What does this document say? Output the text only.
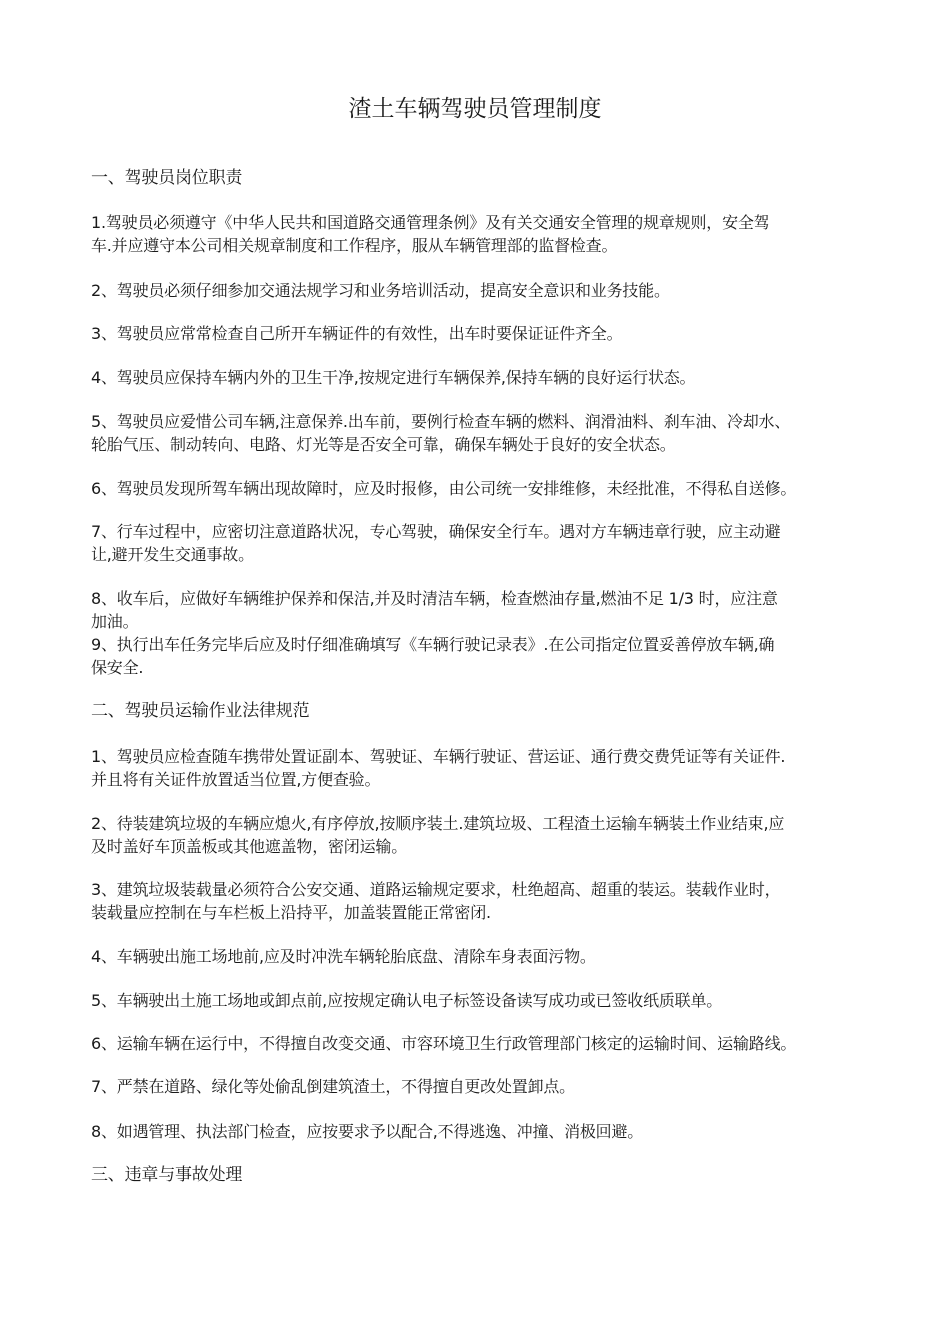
渣土车辆驾驶员管理制度
一、驾驶员岗位职责
1.驾驶员必须遵守《中华人民共和国道路交通管理条例》及有关交通安全管理的规章规则，安全驾
车.并应遵守本公司相关规章制度和工作程序，服从车辆管理部的监督检查。
2、驾驶员必须仔细参加交通法规学习和业务培训活动，提高安全意识和业务技能。
3、驾驶员应常常检查自己所开车辆证件的有效性，出车时要保证证件齐全。
4、驾驶员应保持车辆内外的卫生干净,按规定进行车辆保养,保持车辆的良好运行状态。
5、驾驶员应爱惜公司车辆,注意保养.出车前，要例行检查车辆的燃料、润滑油料、刹车油、冷却水、
轮胎气压、制动转向、电路、灯光等是否安全可靠，确保车辆处于良好的安全状态。
6、驾驶员发现所驾车辆出现故障时，应及时报修，由公司统一安排维修，未经批准，不得私自送修。
7、行车过程中，应密切注意道路状况，专心驾驶，确保安全行车。遇对方车辆违章行驶，应主动避
让,避开发生交通事故。
8、收车后，应做好车辆维护保养和保洁,并及时清洁车辆，检查燃油存量,燃油不足 1/3 时，应注意
加油。
9、执行出车任务完毕后应及时仔细准确填写《车辆行驶记录表》.在公司指定位置妥善停放车辆,确
保安全.
二、驾驶员运输作业法律规范
1、驾驶员应检查随车携带处置证副本、驾驶证、车辆行驶证、营运证、通行费交费凭证等有关证件.
并且将有关证件放置适当位置,方便查验。
2、待装建筑垃圾的车辆应熄火,有序停放,按顺序装土.建筑垃圾、工程渣土运输车辆装土作业结束,应
及时盖好车顶盖板或其他遮盖物，密闭运输。
3、建筑垃圾装载量必须符合公安交通、道路运输规定要求，杜绝超高、超重的装运。装载作业时，
装载量应控制在与车栏板上沿持平，加盖装置能正常密闭.
4、车辆驶出施工场地前,应及时冲洗车辆轮胎底盘、清除车身表面污物。
5、车辆驶出土施工场地或卸点前,应按规定确认电子标签设备读写成功或已签收纸质联单。
6、运输车辆在运行中，不得擅自改变交通、市容环境卫生行政管理部门核定的运输时间、运输路线。
7、严禁在道路、绿化等处偷乱倒建筑渣土，不得擅自更改处置卸点。
8、如遇管理、执法部门检查，应按要求予以配合,不得逃逸、冲撞、消极回避。
三、违章与事故处理
